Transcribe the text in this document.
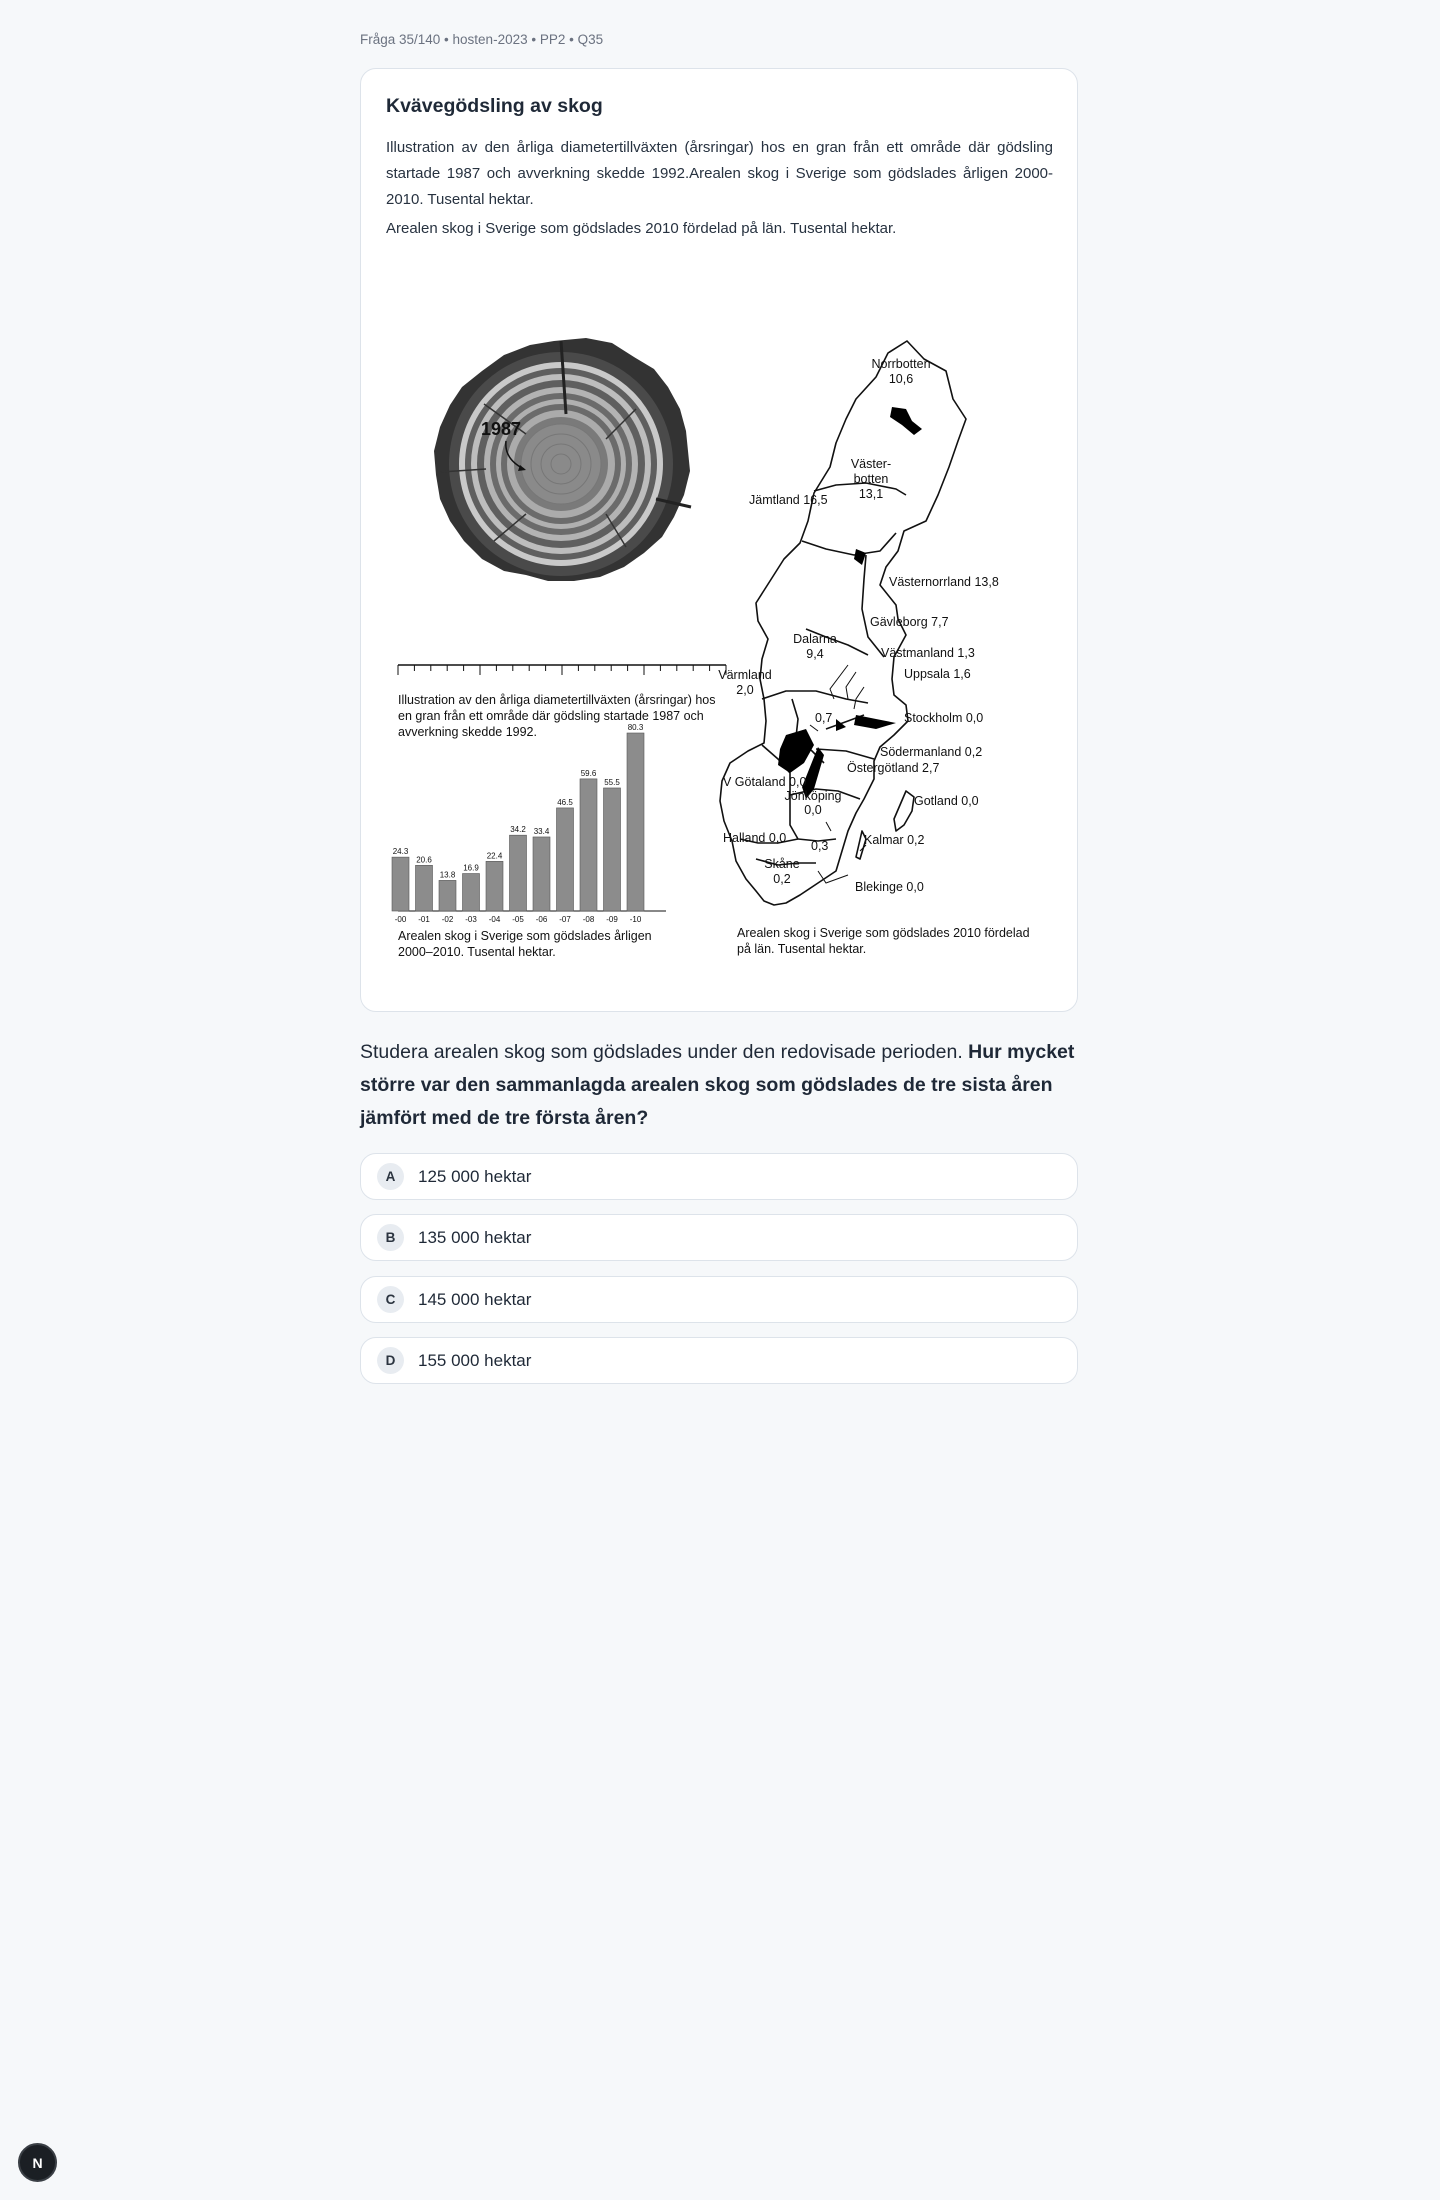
Fråga 35/140 • hosten-2023 • PP2 • Q35
Kvävegödsling av skog

Illustration av den årliga diametertillväxten (årsringar) hos en gran från ett område där gödsling startade 1987 och avverkning skedde 1992.Arealen skog i Sverige som gödslades årligen 2000-2010. Tusental hektar.

Arealen skog i Sverige som gödslades 2010 fördelad på län. Tusental hektar.

1987
Illustration av den årliga diametertillväxten (årsringar) hos
en gran från ett område där gödsling startade 1987 och
avverkning skedde 1992.
24.3
-00
20.6
-01
13.8
-02
16.9
-03
22.4
-04
34.2
-05
33.4
-06
46.5
-07
59.6
-08
55.5
-09
80.3
-10
Arealen skog i Sverige som gödslades årligen
2000–2010. Tusental hektar.
Norrbotten
10,6
Väster-
botten
13,1
Jämtland 16,5
Västernorrland 13,8
Gävleborg 7,7
Dalarna
9,4	Västmanland 1,3
Värmland
2,0
Uppsala 1,6
0,7	Stockholm 0,0
Södermanland 0,2
Östergötland 2,7
V Götaland 0,0
Jönköping
0,0
Gotland 0,0
Halland 0,0
0,3	Kalmar 0,2
Skåne
0,2
Blekinge 0,0
Arealen skog i Sverige som gödslades 2010 fördelad
på län. Tusental hektar.

Studera arealen skog som gödslades under den redovisade perioden. Hur mycket större var den sammanlagda arealen skog som gödslades de tre sista åren jämfört med de tre första åren?

A	125 000 hektar
B	135 000 hektar
C	145 000 hektar
D	155 000 hektar
N
